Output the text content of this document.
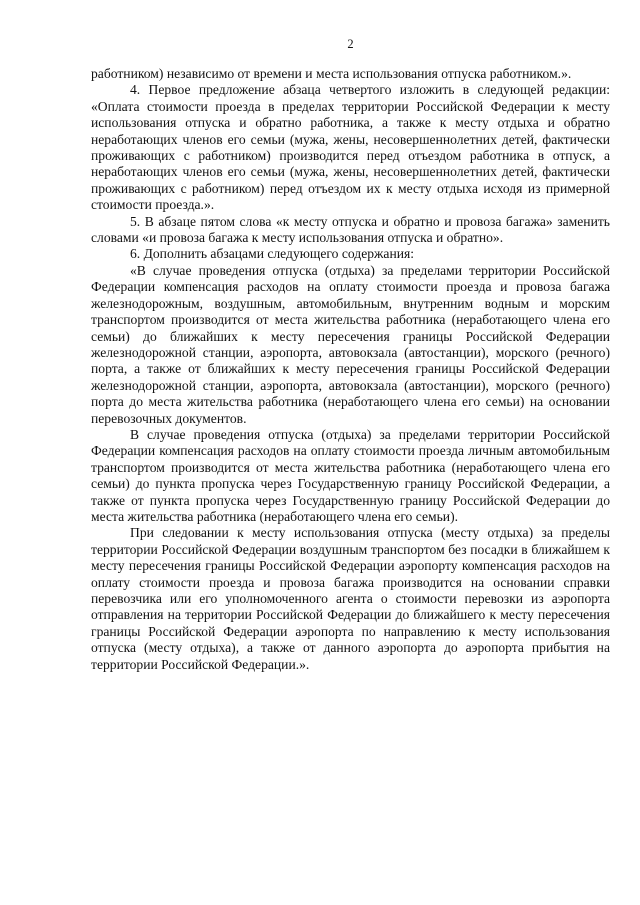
2

работником) независимо от времени и места использования отпуска работником.».

4. Первое предложение абзаца четвертого изложить в следующей редакции: «Оплата стоимости проезда в пределах территории Российской Федерации к месту использования отпуска и обратно работника, а также к месту отдыха и обратно неработающих членов его семьи (мужа, жены, несовершеннолетних детей, фактически проживающих с работником) производится перед отъездом работника в отпуск, а неработающих членов его семьи (мужа, жены, несовершеннолетних детей, фактически проживающих с работником) перед отъездом их к месту отдыха исходя из примерной стоимости проезда.».

5. В абзаце пятом слова «к месту отпуска и обратно и провоза багажа» заменить словами «и провоза багажа к месту использования отпуска и обратно».

6. Дополнить абзацами следующего содержания:

«В случае проведения отпуска (отдыха) за пределами территории Российской Федерации компенсация расходов на оплату стоимости проезда и провоза багажа железнодорожным, воздушным, автомобильным, внутренним водным и морским транспортом производится от места жительства работника (неработающего члена его семьи) до ближайших к месту пересечения границы Российской Федерации железнодорожной станции, аэропорта, автовокзала (автостанции), морского (речного) порта, а также от ближайших к месту пересечения границы Российской Федерации железнодорожной станции, аэропорта, автовокзала (автостанции), морского (речного) порта до места жительства работника (неработающего члена его семьи) на основании перевозочных документов.

В случае проведения отпуска (отдыха) за пределами территории Российской Федерации компенсация расходов на оплату стоимости проезда личным автомобильным транспортом производится от места жительства работника (неработающего члена его семьи) до пункта пропуска через Государственную границу Российской Федерации, а также от пункта пропуска через Государственную границу Российской Федерации до места жительства работника (неработающего члена его семьи).

При следовании к месту использования отпуска (месту отдыха) за пределы территории Российской Федерации воздушным транспортом без посадки в ближайшем к месту пересечения границы Российской Федерации аэропорту компенсация расходов на оплату стоимости проезда и провоза багажа производится на основании справки перевозчика или его уполномоченного агента о стоимости перевозки из аэропорта отправления на территории Российской Федерации до ближайшего к месту пересечения границы Российской Федерации аэропорта по направлению к месту использования отпуска (месту отдыха), а также от данного аэропорта до аэропорта прибытия на территории Российской Федерации.».
